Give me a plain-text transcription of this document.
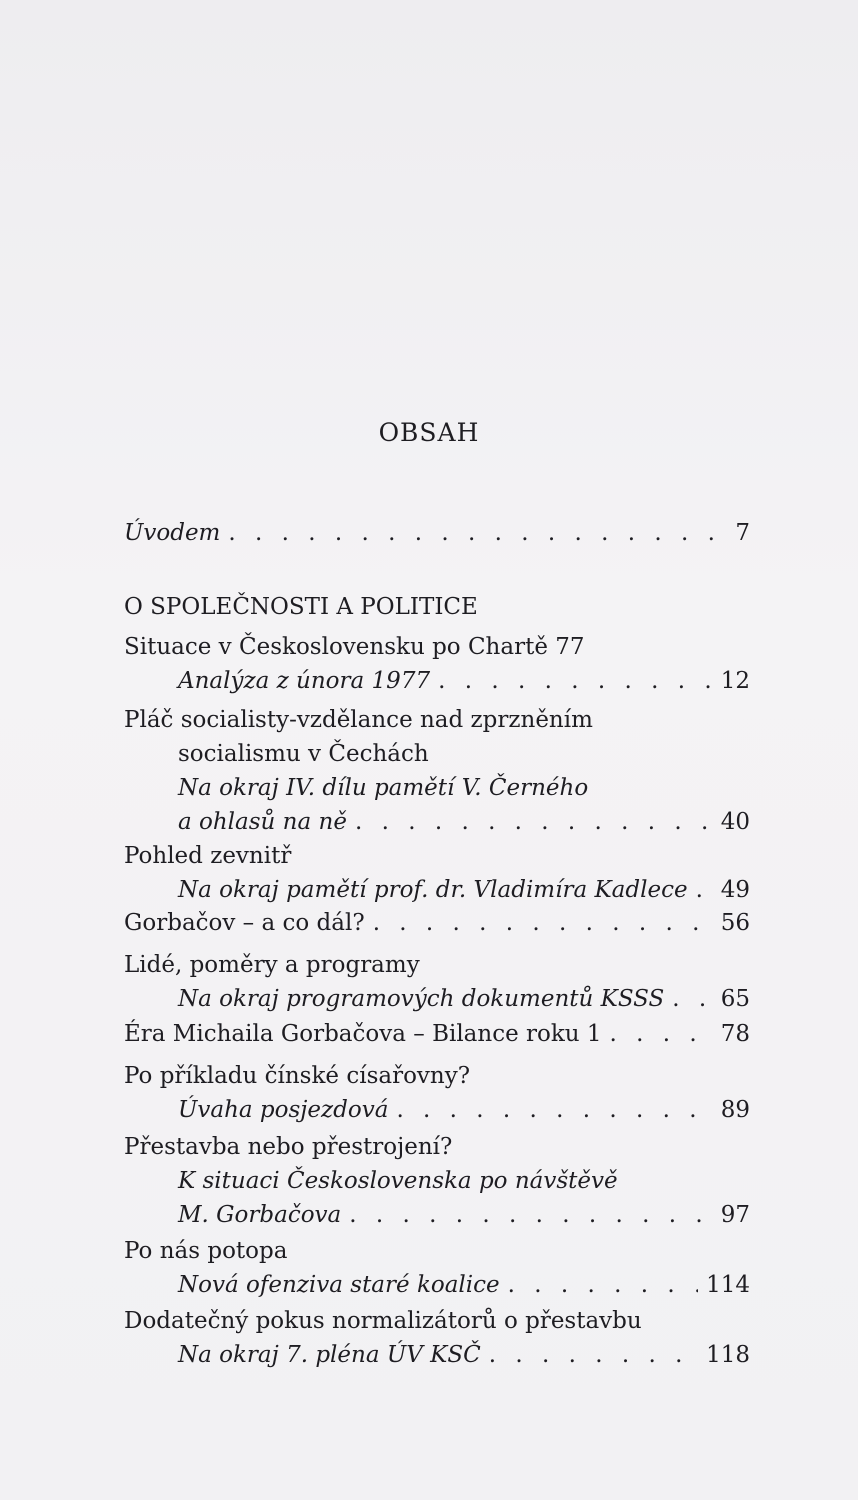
OBSAH
Úvodem . . .	7
O SPOLEČNOSTI A POLITICE
Situace v Československu po Chartě 77
Analýza z února 1977 . . .	12
Pláč socialisty-vzdělance nad zprzněním
socialismu v Čechách
Na okraj IV. dílu pamětí V. Černého
a ohlasů na ně . . .	40
Pohled zevnitř
Na okraj pamětí prof. dr. Vladimíra Kadlece . . . 49
Gorbačov – a co dál? . . .	56
Lidé, poměry a programy
Na okraj programových dokumentů KSSS . . . 65
Éra Michaila Gorbačova – Bilance roku 1 . . .	78
Po příkladu čínské císařovny?
Úvaha posjezdová . . .	89
Přestavba nebo přestrojení?
K situaci Československa po návštěvě
M. Gorbačova . . .	97
Po nás potopa
Nová ofenziva staré koalice . . .	114
Dodatečný pokus normalizátorů o přestavbu
Na okraj 7. pléna ÚV KSČ . . .	118
